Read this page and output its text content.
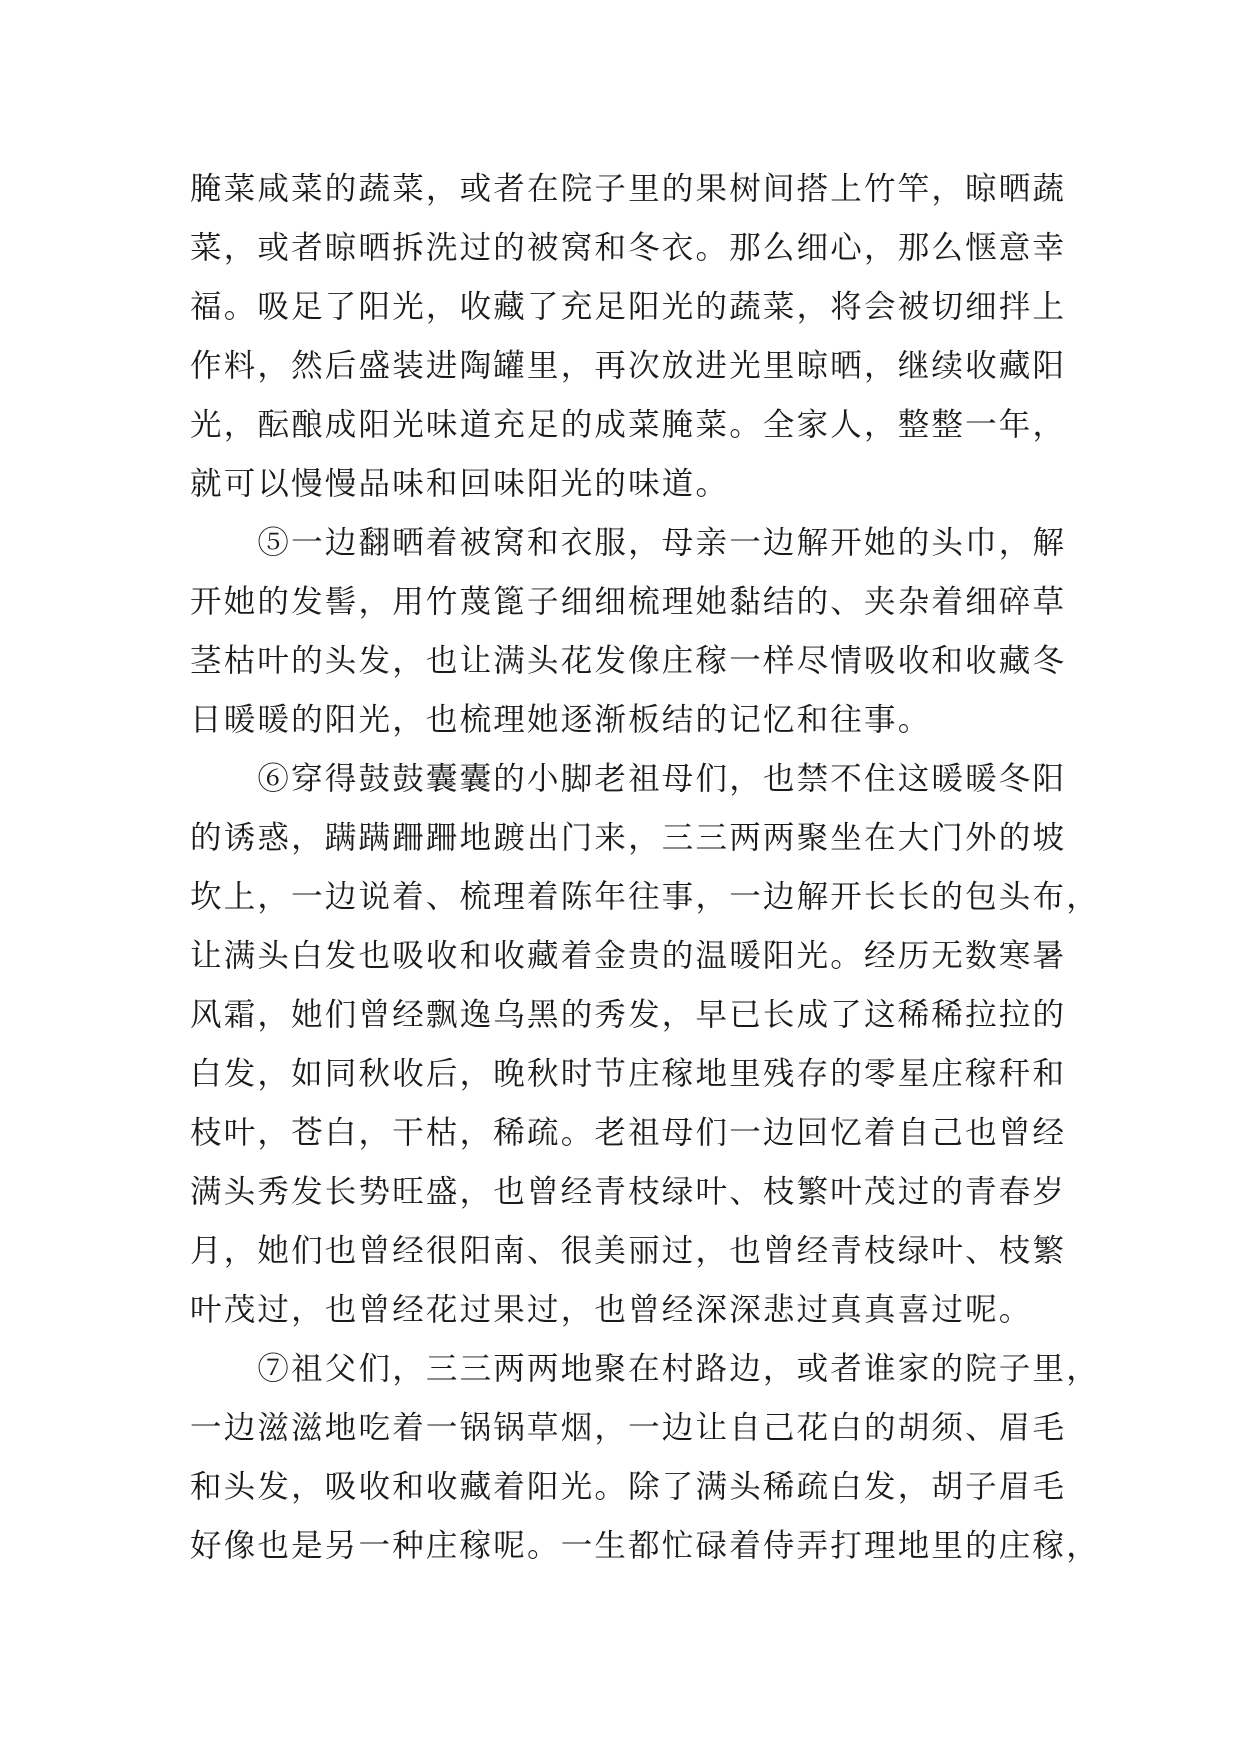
腌菜咸菜的蔬菜，或者在院子里的果树间搭上竹竿，晾晒蔬
菜，或者晾晒拆洗过的被窝和冬衣。那么细心，那么惬意幸
福。吸足了阳光，收藏了充足阳光的蔬菜，将会被切细拌上
作料，然后盛装进陶罐里，再次放进光里晾晒，继续收藏阳
光，酝酿成阳光味道充足的成菜腌菜。全家人，整整一年，
就可以慢慢品味和回味阳光的味道。
　　⑤一边翻晒着被窝和衣服，母亲一边解开她的头巾，解
开她的发髻，用竹蔑篦子细细梳理她黏结的、夹杂着细碎草
茎枯叶的头发，也让满头花发像庄稼一样尽情吸收和收藏冬
日暖暖的阳光，也梳理她逐渐板结的记忆和往事。
　　⑥穿得鼓鼓囊囊的小脚老祖母们，也禁不住这暖暖冬阳
的诱惑，蹒蹒跚跚地踱出门来，三三两两聚坐在大门外的坡
坎上，一边说着、梳理着陈年往事，一边解开长长的包头布，
让满头白发也吸收和收藏着金贵的温暖阳光。经历无数寒暑
风霜，她们曾经飘逸乌黑的秀发，早已长成了这稀稀拉拉的
白发，如同秋收后，晚秋时节庄稼地里残存的零星庄稼秆和
枝叶，苍白，干枯，稀疏。老祖母们一边回忆着自己也曾经
满头秀发长势旺盛，也曾经青枝绿叶、枝繁叶茂过的青春岁
月，她们也曾经很阳南、很美丽过，也曾经青枝绿叶、枝繁
叶茂过，也曾经花过果过，也曾经深深悲过真真喜过呢。
　　⑦祖父们，三三两两地聚在村路边，或者谁家的院子里，
一边滋滋地吃着一锅锅草烟，一边让自己花白的胡须、眉毛
和头发，吸收和收藏着阳光。除了满头稀疏白发，胡子眉毛
好像也是另一种庄稼呢。一生都忙碌着侍弄打理地里的庄稼，
